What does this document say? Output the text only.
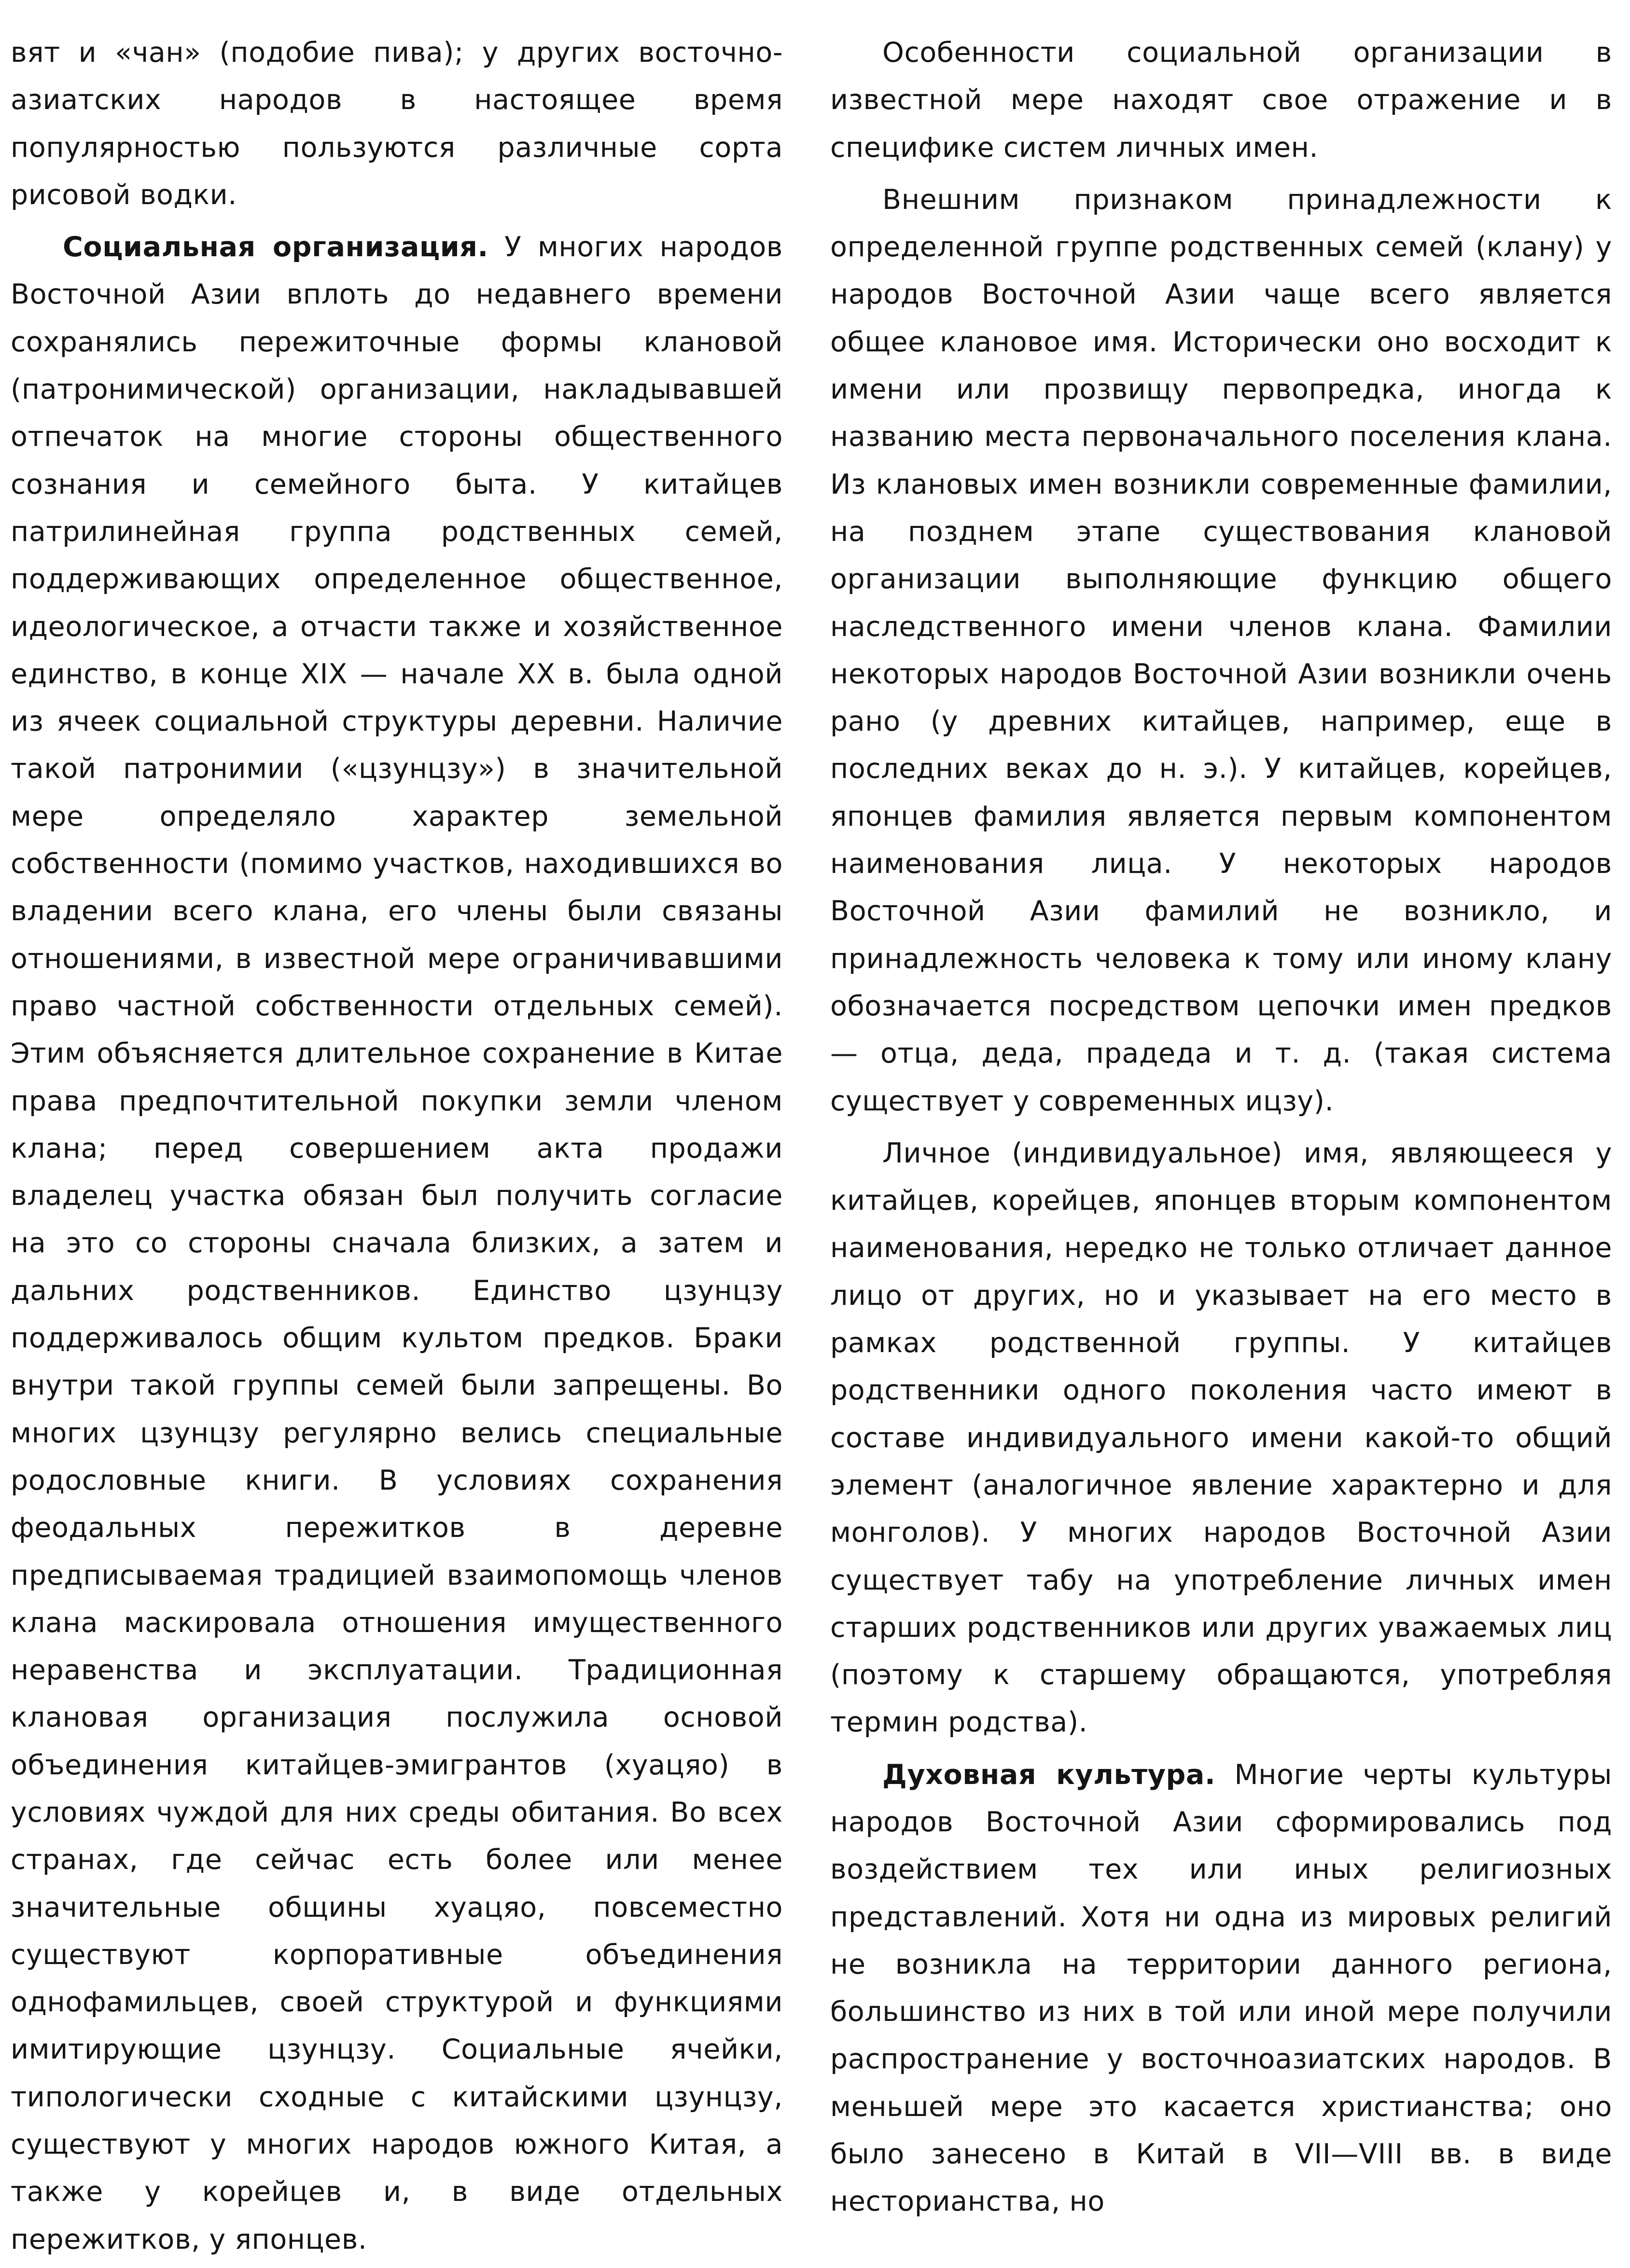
вят и «чан» (подобие пива); у других восточно-азиатских народов в настоящее время популярностью пользуются различные сорта рисовой водки.

Социальная организация. У многих народов Восточной Азии вплоть до недавнего времени сохранялись пережиточные формы клановой (патронимической) организации, накладывавшей отпечаток на многие стороны общественного сознания и семейного быта. У китайцев патрилинейная группа родственных семей, поддерживающих определенное общественное, идеологическое, а отчасти также и хозяйственное единство, в конце XIX — начале XX в. была одной из ячеек социальной структуры деревни. Наличие такой патронимии («цзунцзу») в значительной мере определяло характер земельной собственности (помимо участков, находившихся во владении всего клана, его члены были связаны отношениями, в известной мере ограничивавшими право частной собственности отдельных семей). Этим объясняется длительное сохранение в Китае права предпочтительной покупки земли членом клана; перед совершением акта продажи владелец участка обязан был получить согласие на это со стороны сначала близких, а затем и дальних родственников. Единство цзунцзу поддерживалось общим культом предков. Браки внутри такой группы семей были запрещены. Во многих цзунцзу регулярно велись специальные родословные книги. В условиях сохранения феодальных пережитков в деревне предписываемая традицией взаимопомощь членов клана маскировала отношения имущественного неравенства и эксплуатации. Традиционная клановая организация послужила основой объединения китайцев-эмигрантов (хуацяо) в условиях чуждой для них среды обитания. Во всех странах, где сейчас есть более или менее значительные общины хуацяо, повсеместно существуют корпоративные объединения однофамильцев, своей структурой и функциями имитирующие цзунцзу. Социальные ячейки, типологически сходные с китайскими цзунцзу, существуют у многих народов южного Китая, а также у корейцев и, в виде отдельных пережитков, у японцев.

Особенности социальной организации в известной мере находят свое отражение и в специфике систем личных имен.

Внешним признаком принадлежности к определенной группе родственных семей (клану) у народов Восточной Азии чаще всего является общее клановое имя. Исторически оно восходит к имени или прозвищу первопредка, иногда к названию места первоначального поселения клана. Из клановых имен возникли современные фамилии, на позднем этапе существования клановой организации выполняющие функцию общего наследственного имени членов клана. Фамилии некоторых народов Восточной Азии возникли очень рано (у древних китайцев, например, еще в последних веках до н. э.). У китайцев, корейцев, японцев фамилия является первым компонентом наименования лица. У некоторых народов Восточной Азии фамилий не возникло, и принадлежность человека к тому или иному клану обозначается посредством цепочки имен предков — отца, деда, прадеда и т. д. (такая система существует у современных ицзу).

Личное (индивидуальное) имя, являющееся у китайцев, корейцев, японцев вторым компонентом наименования, нередко не только отличает данное лицо от других, но и указывает на его место в рамках родственной группы. У китайцев родственники одного поколения часто имеют в составе индивидуального имени какой-то общий элемент (аналогичное явление характерно и для монголов). У многих народов Восточной Азии существует табу на употребление личных имен старших родственников или других уважаемых лиц (поэтому к старшему обращаются, употребляя термин родства).

Духовная культура. Многие черты культуры народов Восточной Азии сформировались под воздействием тех или иных религиозных представлений. Хотя ни одна из мировых религий не возникла на территории данного региона, большинство из них в той или иной мере получили распространение у восточноазиатских народов. В меньшей мере это касается христианства; оно было занесено в Китай в VII—VIII вв. в виде несторианства, но
